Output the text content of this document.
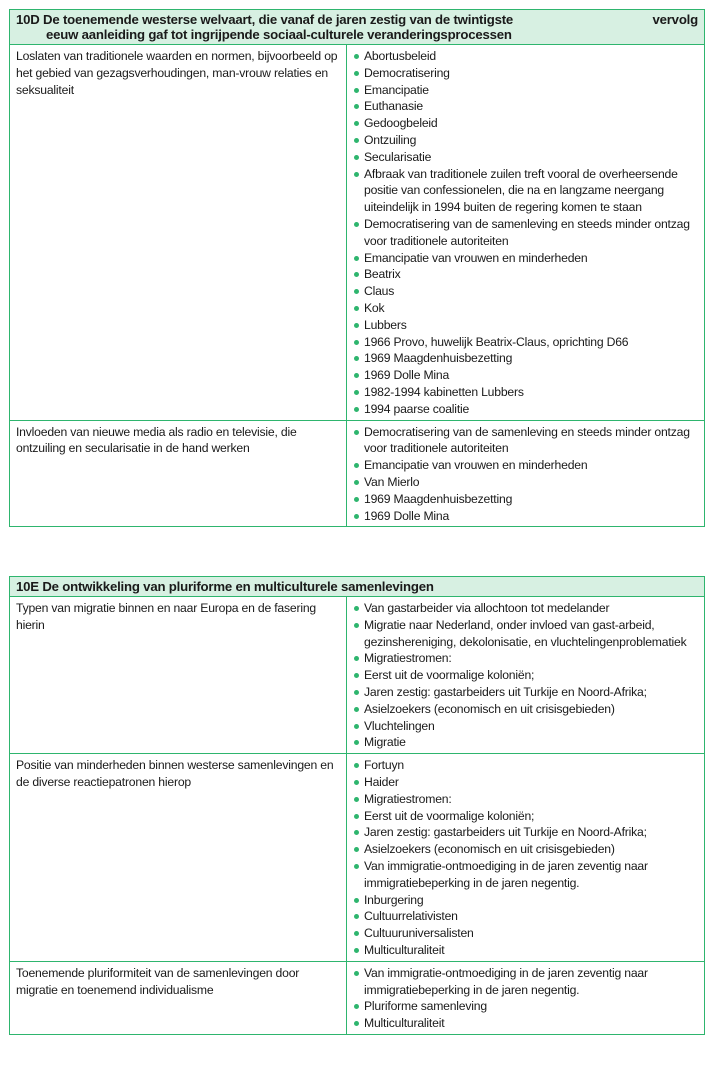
10D De toenemende westerse welvaart, die vanaf de jaren zestig van de twintigste
eeuw aanleiding gaf tot ingrijpende sociaal-culturele veranderingsprocessen
vervolg
Loslaten van traditionele waarden en normen, bijvoorbeeld op het gebied van gezagsverhoudingen, man-vrouw relaties en seksualiteit
Abortusbeleid
Democratisering
Emancipatie
Euthanasie
Gedoogbeleid
Ontzuiling
Secularisatie
Afbraak van traditionele zuilen treft vooral de overheersende positie van confessionelen, die na en langzame neergang uiteindelijk in 1994 buiten de regering komen te staan
Democratisering van de samenleving en steeds minder ontzag voor traditionele autoriteiten
Emancipatie van vrouwen en minderheden
Beatrix
Claus
Kok
Lubbers
1966 Provo, huwelijk Beatrix-Claus, oprichting D66
1969 Maagdenhuisbezetting
1969 Dolle Mina
1982-1994 kabinetten Lubbers
1994 paarse coalitie
Invloeden van nieuwe media als radio en televisie, die ontzuiling en secularisatie in de hand werken
Democratisering van de samenleving en steeds minder ontzag voor traditionele autoriteiten
Emancipatie van vrouwen en minderheden
Van Mierlo
1969 Maagdenhuisbezetting
1969 Dolle Mina
10E De ontwikkeling van pluriforme en multiculturele samenlevingen
Typen van migratie binnen en naar Europa en de fasering hierin
Van gastarbeider via allochtoon tot medelander
Migratie naar Nederland, onder invloed van gast-arbeid, gezinshereniging, dekolonisatie, en vluchtelingenproblematiek
Migratiestromen:
Eerst uit de voormalige koloniën;
Jaren zestig: gastarbeiders uit Turkije en Noord-Afrika;
Asielzoekers (economisch en uit crisisgebieden)
Vluchtelingen
Migratie
Positie van minderheden binnen westerse samenlevingen en de diverse reactiepatronen hierop
Fortuyn
Haider
Migratiestromen:
Eerst uit de voormalige koloniën;
Jaren zestig: gastarbeiders uit Turkije en Noord-Afrika;
Asielzoekers (economisch en uit crisisgebieden)
Van immigratie-ontmoediging in de jaren zeventig naar immigratiebeperking in de jaren negentig.
Inburgering
Cultuurrelativisten
Cultuuruniversalisten
Multiculturaliteit
Toenemende pluriformiteit van de samenlevingen door migratie en toenemend individualisme
Van immigratie-ontmoediging in de jaren zeventig naar immigratiebeperking in de jaren negentig.
Pluriforme samenleving
Multiculturaliteit
